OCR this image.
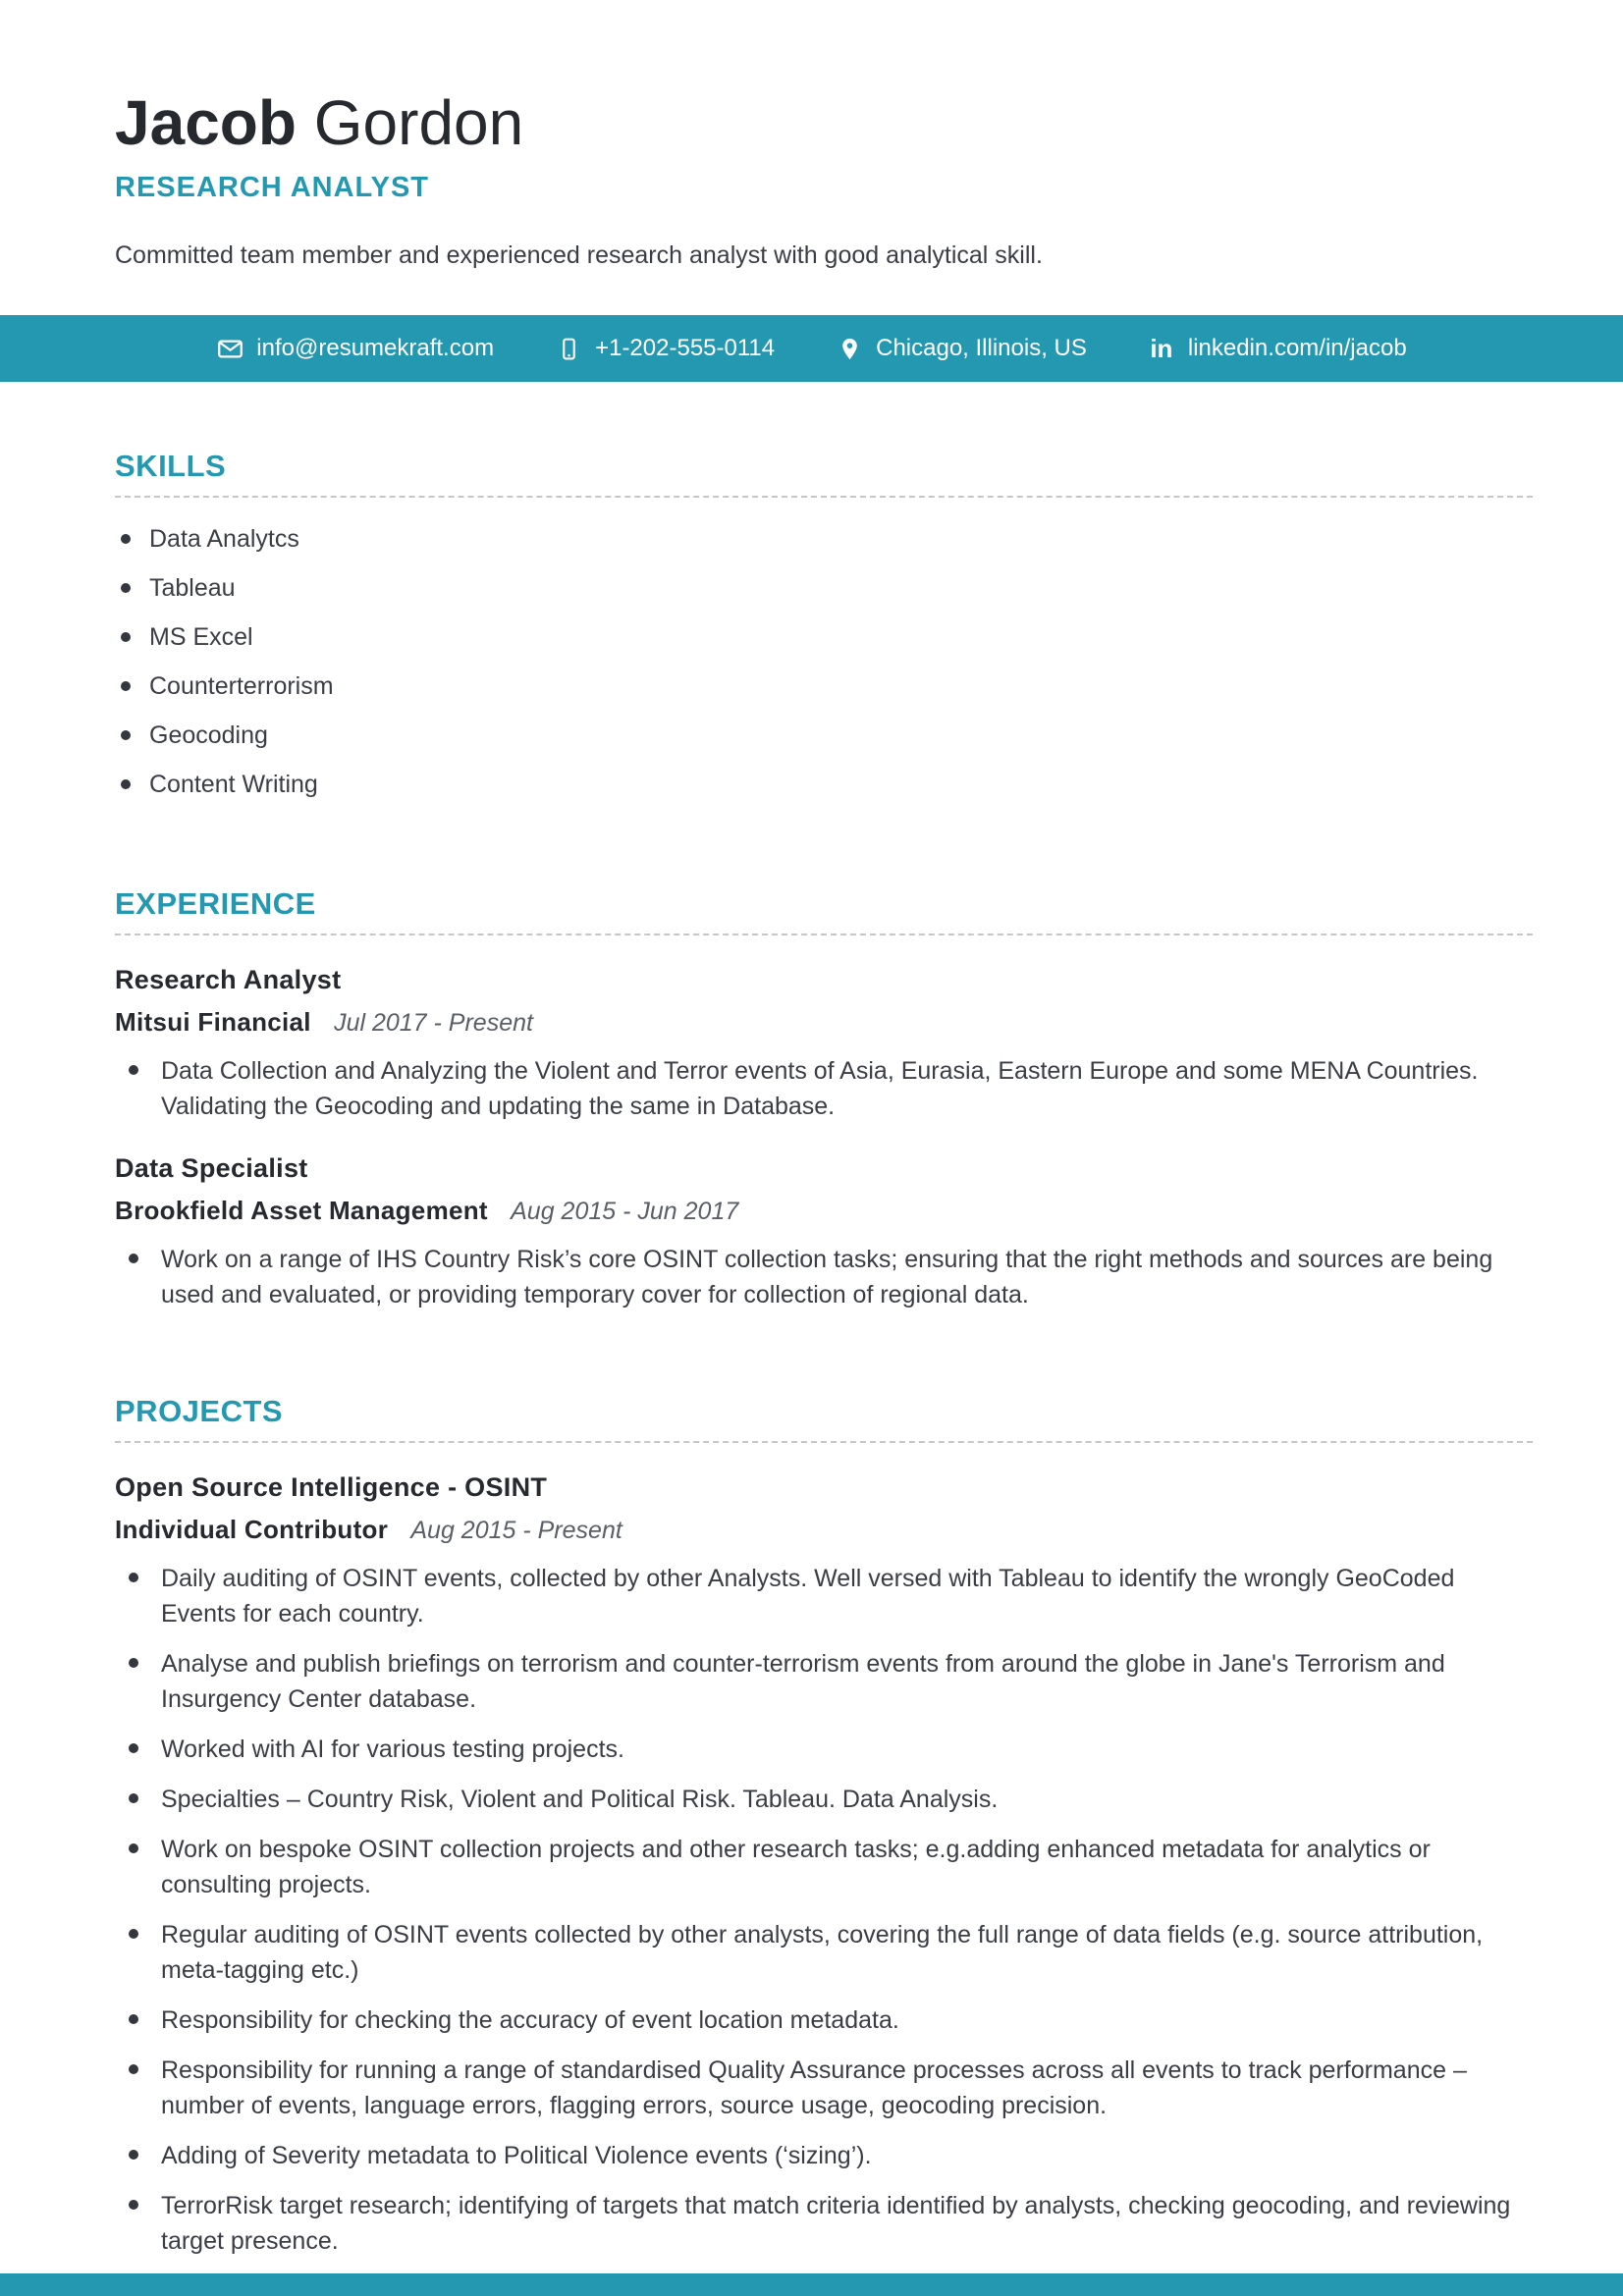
Jacob Gordon
RESEARCH ANALYST

Committed team member and experienced research analyst with good analytical skill.

info@resumekraft.com	+1-202-555-0114	Chicago, Illinois, US in linkedin.com/in/jacob
SKILLS
Data Analytcs
Tableau
MS Excel
Counterterrorism
Geocoding
Content Writing
EXPERIENCE
Research Analyst
Mitsui Financial Jul 2017 - Present
Data Collection and Analyzing the Violent and Terror events of Asia, Eurasia, Eastern Europe and some MENA Countries. Validating the Geocoding and updating the same in Database.
Data Specialist
Brookfield Asset Management Aug 2015 - Jun 2017
Work on a range of IHS Country Risk’s core OSINT collection tasks; ensuring that the right methods and sources are being used and evaluated, or providing temporary cover for collection of regional data.
PROJECTS
Open Source Intelligence - OSINT
Individual Contributor Aug 2015 - Present
Daily auditing of OSINT events, collected by other Analysts. Well versed with Tableau to identify the wrongly GeoCoded Events for each country.
Analyse and publish briefings on terrorism and counter-terrorism events from around the globe in Jane's Terrorism and Insurgency Center database.
Worked with AI for various testing projects.
Specialties – Country Risk, Violent and Political Risk. Tableau. Data Analysis.
Work on bespoke OSINT collection projects and other research tasks; e.g.adding enhanced metadata for analytics or consulting projects.
Regular auditing of OSINT events collected by other analysts, covering the full range of data fields (e.g. source attribution, meta-tagging etc.)
Responsibility for checking the accuracy of event location metadata.
Responsibility for running a range of standardised Quality Assurance processes across all events to track performance – number of events, language errors, flagging errors, source usage, geocoding precision.
Adding of Severity metadata to Political Violence events (‘sizing’).
TerrorRisk target research; identifying of targets that match criteria identified by analysts, checking geocoding, and reviewing target presence.
